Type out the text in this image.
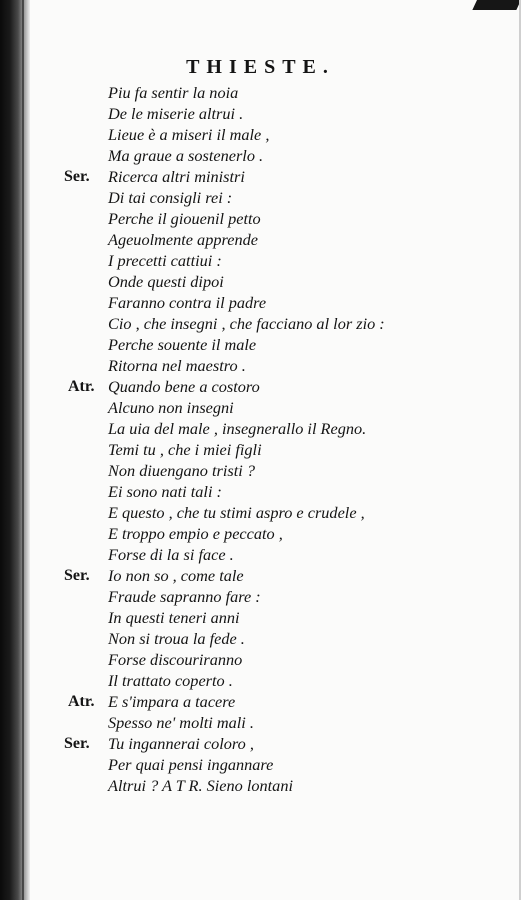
THIESTE.
Piu fa sentir la noia
De le miserie altrui .
Lieue è a miseri il male ,
Ma graue a sostenerlo .
Ser. Ricerca altri ministri
Di tai consigli rei :
Perche il giouenil petto
Ageuolmente apprende
I precetti cattiui :
Onde questi dipoi
Faranno contra il padre
Cio , che insegni , che facciano al lor zio :
Perche souente il male
Ritorna nel maestro .
Atr. Quando bene a costoro
Alcuno non insegni
La uia del male , insegnerallo il Regno.
Temi tu , che i miei figli
Non diuengano tristi ?
Ei sono nati tali :
E questo , che tu stimi aspro e crudele ,
E troppo empio e peccato ,
Forse di la si face .
Ser. Io non so , come tale
Fraude sapranno fare :
In questi teneri anni
Non si troua la fede .
Forse discouriranno
Il trattato coperto .
Atr. E s'impara a tacere
Spesso ne' molti mali .
Ser. Tu ingannerai coloro ,
Per quai pensi ingannare
Altrui ? A T R. Sieno lontani
